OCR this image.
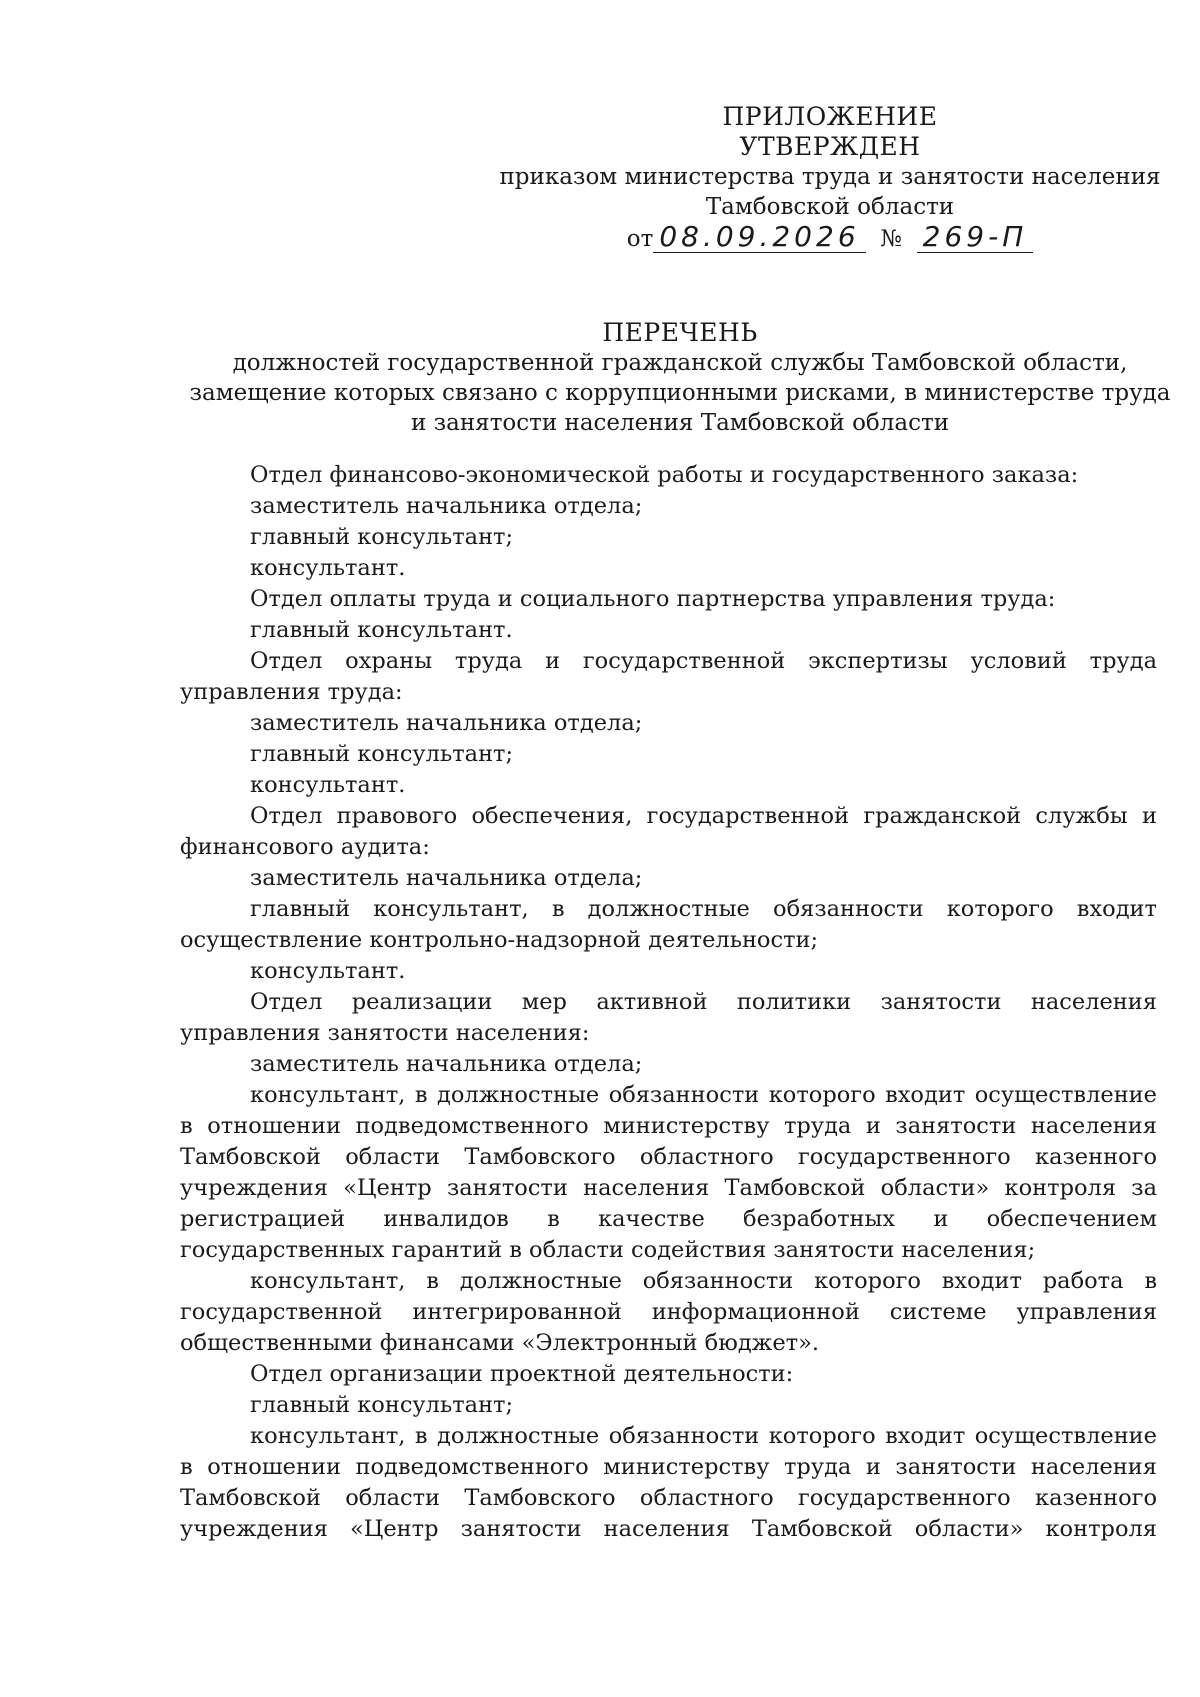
ПРИЛОЖЕНИЕ
УТВЕРЖДЕН
приказом министерства труда и занятости населения
Тамбовской области
от 08.09.2026 № 269-П
ПЕРЕЧЕНЬ
должностей государственной гражданской службы Тамбовской области,
замещение которых связано с коррупционными рисками, в министерстве труда
и занятости населения Тамбовской области

Отдел финансово-экономической работы и государственного заказа:

заместитель начальника отдела;

главный консультант;

консультант.

Отдел оплаты труда и социального партнерства управления труда:

главный консультант.

Отдел охраны труда и государственной экспертизы условий труда управления труда:

заместитель начальника отдела;

главный консультант;

консультант.

Отдел правового обеспечения, государственной гражданской службы и финансового аудита:

заместитель начальника отдела;

главный консультант, в должностные обязанности которого входит осуществление контрольно-надзорной деятельности;

консультант.

Отдел реализации мер активной политики занятости населения управления занятости населения:

заместитель начальника отдела;

консультант, в должностные обязанности которого входит осуществление в отношении подведомственного министерству труда и занятости населения Тамбовской области Тамбовского областного государственного казенного учреждения «Центр занятости населения Тамбовской области» контроля за регистрацией инвалидов в качестве безработных и обеспечением государственных гарантий в области содействия занятости населения;

консультант, в должностные обязанности которого входит работа в государственной интегрированной информационной системе управления общественными финансами «Электронный бюджет».

Отдел организации проектной деятельности:

главный консультант;

консультант, в должностные обязанности которого входит осуществление в отношении подведомственного министерству труда и занятости населения Тамбовской области Тамбовского областного государственного казенного учреждения «Центр занятости населения Тамбовской области» контроля
